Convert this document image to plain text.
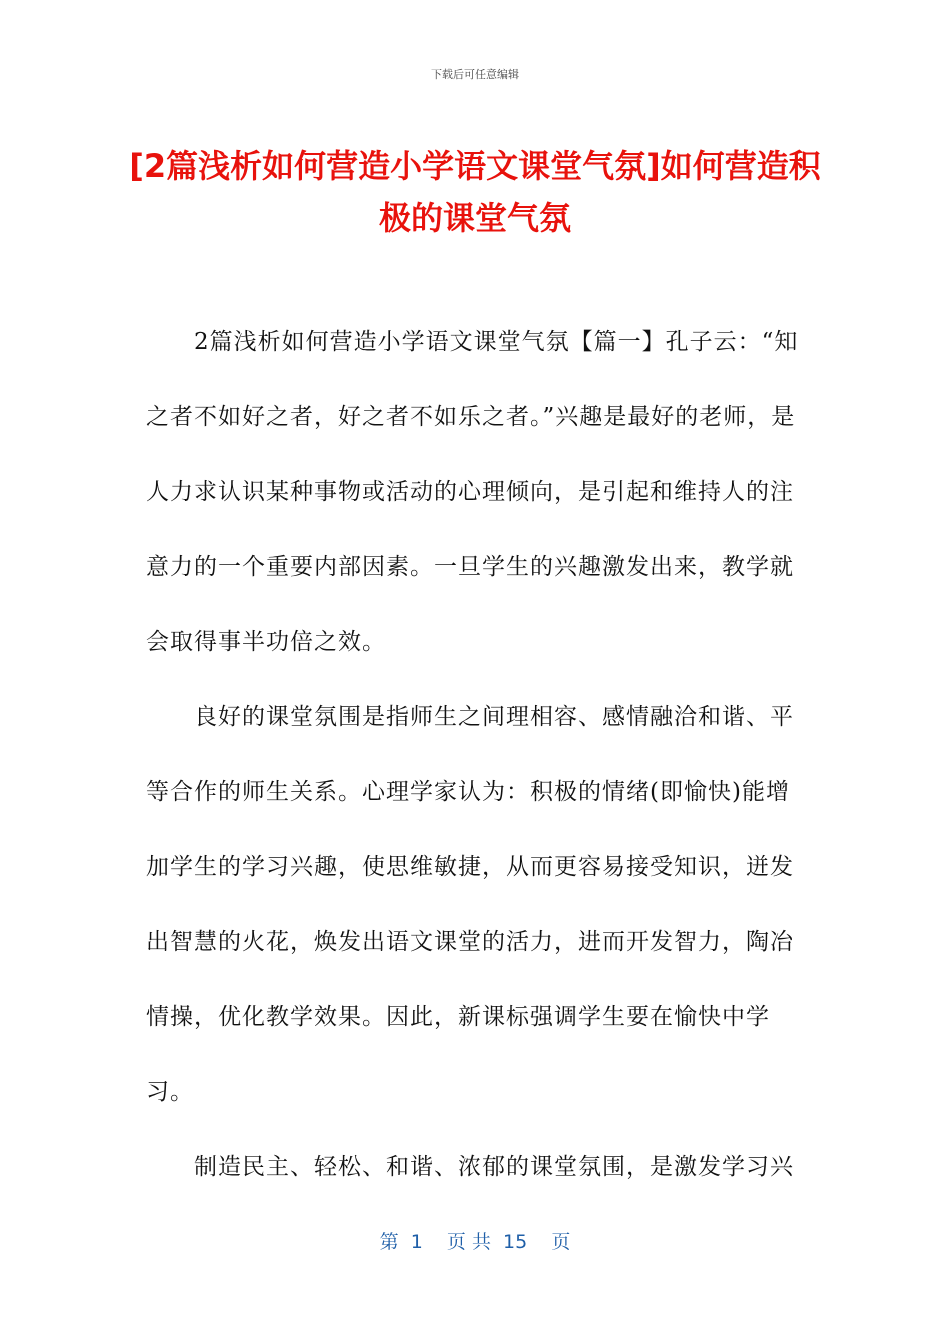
下载后可任意编辑
[2篇浅析如何营造小学语文课堂气氛]如何营造积极的课堂气氛

2篇浅析如何营造小学语文课堂气氛【篇一】孔子云：“知之者不如好之者，好之者不如乐之者。”兴趣是最好的老师，是人力求认识某种事物或活动的心理倾向，是引起和维持人的注意力的一个重要内部因素。一旦学生的兴趣激发出来，教学就会取得事半功倍之效。

良好的课堂氛围是指师生之间理相容、感情融洽和谐、平等合作的师生关系。心理学家认为：积极的情绪(即愉快)能增加学生的学习兴趣，使思维敏捷，从而更容易接受知识，迸发出智慧的火花，焕发出语文课堂的活力，进而开发智力，陶冶情操，优化教学效果。因此，新课标强调学生要在愉快中学习。

制造民主、轻松、和谐、浓郁的课堂氛围，是激发学习兴

第  1    页 共  15    页
